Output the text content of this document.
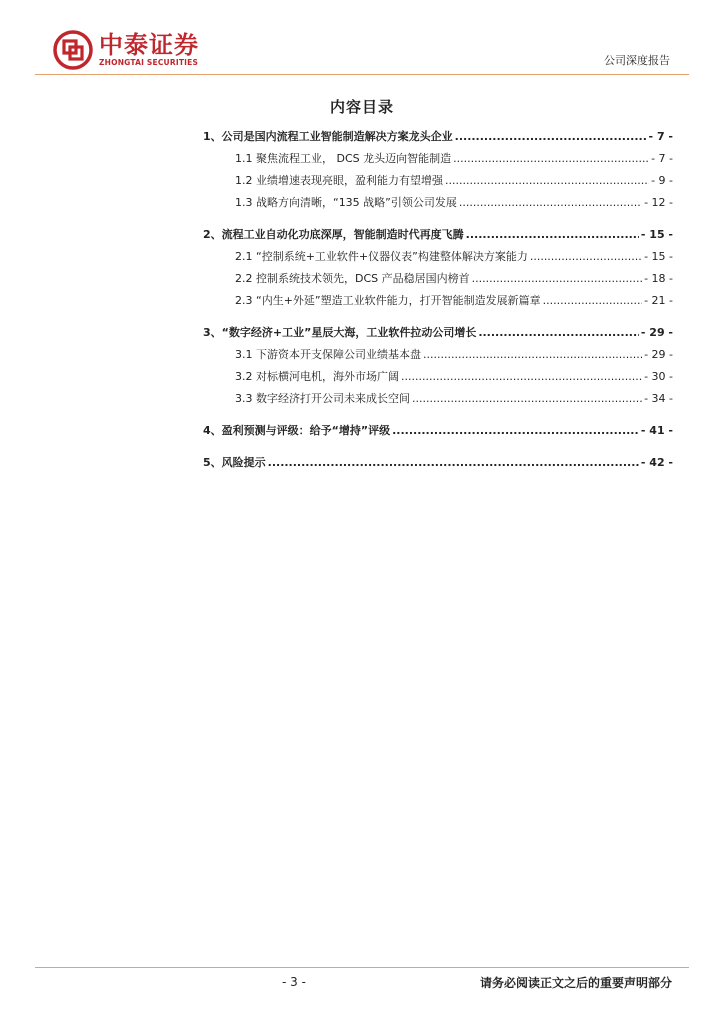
中泰证券
ZHONGTAI SECURITIES	公司深度报告
内容目录
1、公司是国内流程工业智能制造解决方案龙头企业 .....	- 7 -
1.1 聚焦流程工业， DCS 龙头迈向智能制造 .....	- 7 -
1.2 业绩增速表现亮眼，盈利能力有望增强 .....	- 9 -
1.3 战略方向清晰，“135 战略”引领公司发展 .....	- 12 -
2、流程工业自动化功底深厚，智能制造时代再度飞腾 .....	- 15 -
2.1 “控制系统+工业软件+仪器仪表”构建整体解决方案能力 .....	- 15 -
2.2 控制系统技术领先，DCS 产品稳居国内榜首 .....	- 18 -
2.3 “内生+外延”塑造工业软件能力，打开智能制造发展新篇章 .....	- 21 -
3、“数字经济+工业”星辰大海，工业软件拉动公司增长 .....	- 29 -
3.1 下游资本开支保障公司业绩基本盘 .....	- 29 -
3.2 对标横河电机，海外市场广阔 .....	- 30 -
3.3 数字经济打开公司未来成长空间 .....	- 34 -
4、盈利预测与评级：给予“增持”评级 .....	- 41 -
5、风险提示 .....	- 42 -
- 3 -	请务必阅读正文之后的重要声明部分
